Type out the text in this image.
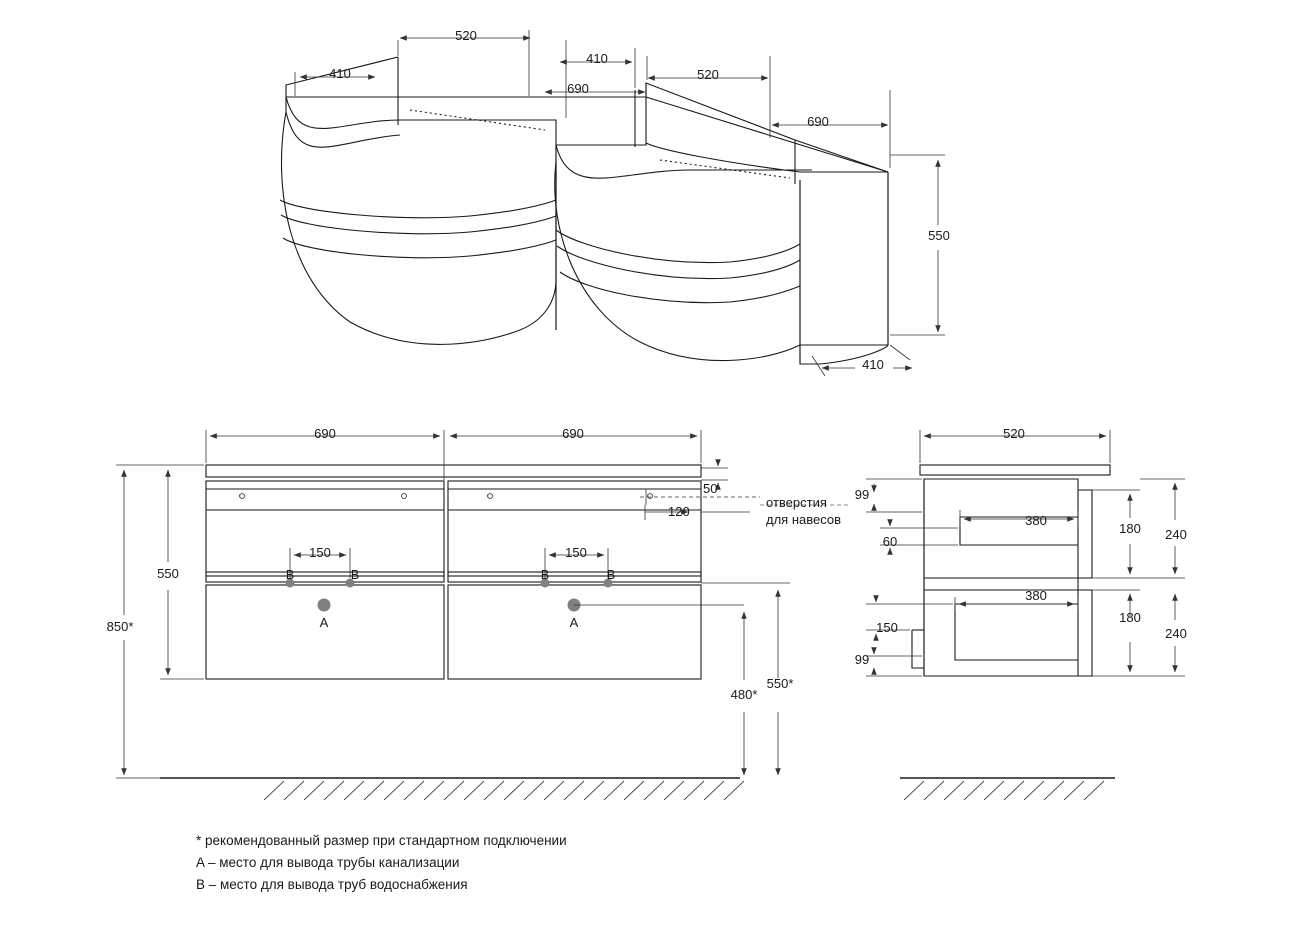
410
520
410
690
520
690
550
410
690	690
50
120
150	150
550
850*
480*
550*
B	B	B	B
A	A
отверстия
для навесов
520
99
60
380
180 240
380
180
240
150
99
* рекомендованный размер при стандартном подключении
A – место для вывода трубы канализации
B – место для вывода труб водоснабжения
